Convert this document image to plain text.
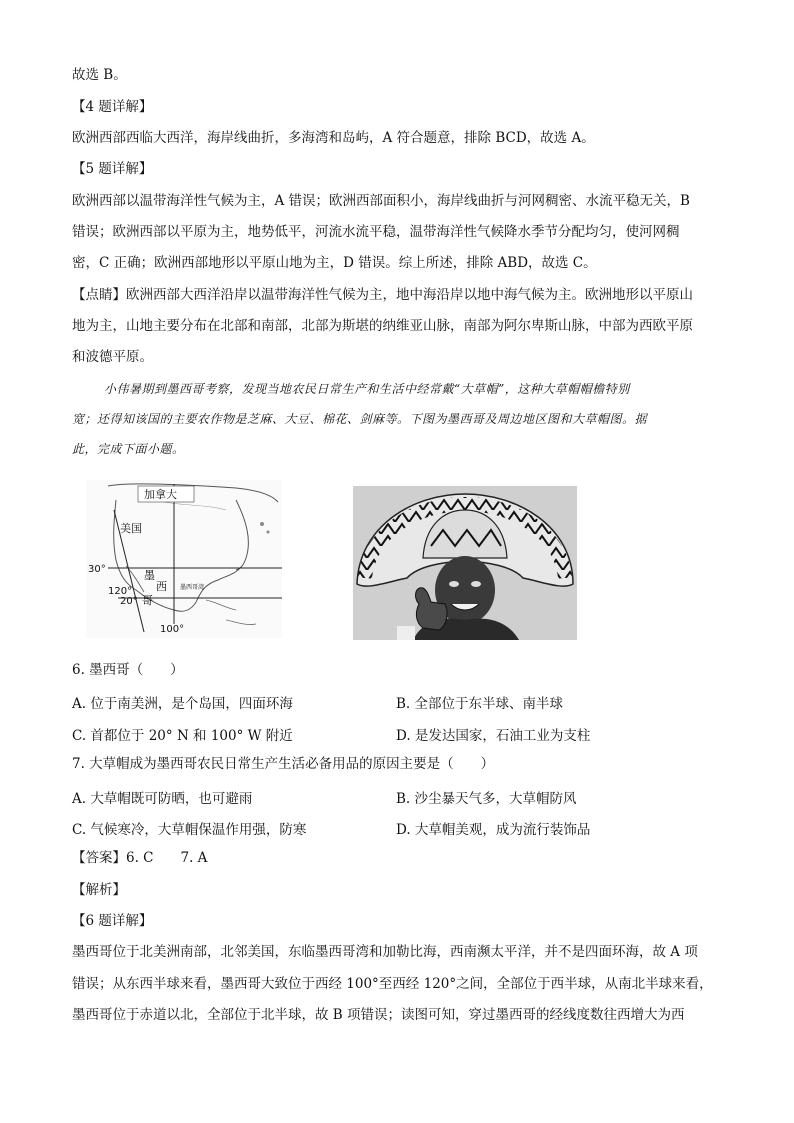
故选 B。
【4 题详解】
欧洲西部西临大西洋，海岸线曲折，多海湾和岛屿，A 符合题意，排除 BCD，故选 A。
【5 题详解】
欧洲西部以温带海洋性气候为主，A 错误；欧洲西部面积小，海岸线曲折与河网稠密、水流平稳无关，B
错误；欧洲西部以平原为主，地势低平，河流水流平稳，温带海洋性气候降水季节分配均匀，使河网稠
密，C 正确；欧洲西部地形以平原山地为主，D 错误。综上所述，排除 ABD，故选 C。
【点睛】欧洲西部大西洋沿岸以温带海洋性气候为主，地中海沿岸以地中海气候为主。欧洲地形以平原山
地为主，山地主要分布在北部和南部，北部为斯堪的纳维亚山脉，南部为阿尔卑斯山脉，中部为西欧平原
和波德平原。
小伟暑期到墨西哥考察，发现当地农民日常生产和生活中经常戴“大草帽”，这种大草帽帽檐特别
宽；还得知该国的主要农作物是芝麻、大豆、棉花、剑麻等。下图为墨西哥及周边地区图和大草帽图。据
此，完成下面小题。
加拿大
美国
30°
120°
20°
100°
墨
西
哥
墨西哥湾
6. 墨西哥（　　）
A. 位于南美洲，是个岛国，四面环海	B. 全部位于东半球、南半球
C. 首都位于 20° N 和 100° W 附近	D. 是发达国家，石油工业为支柱
7. 大草帽成为墨西哥农民日常生产生活必备用品的原因主要是（　　）
A. 大草帽既可防晒，也可避雨	B. 沙尘暴天气多，大草帽防风
C. 气候寒冷，大草帽保温作用强，防寒	D. 大草帽美观，成为流行装饰品
【答案】6. C　　7. A
【解析】
【6 题详解】
墨西哥位于北美洲南部，北邻美国，东临墨西哥湾和加勒比海，西南濒太平洋，并不是四面环海，故 A 项
错误；从东西半球来看，墨西哥大致位于西经 100°至西经 120°之间，全部位于西半球，从南北半球来看，
墨西哥位于赤道以北，全部位于北半球，故 B 项错误；读图可知，穿过墨西哥的经线度数往西增大为西
